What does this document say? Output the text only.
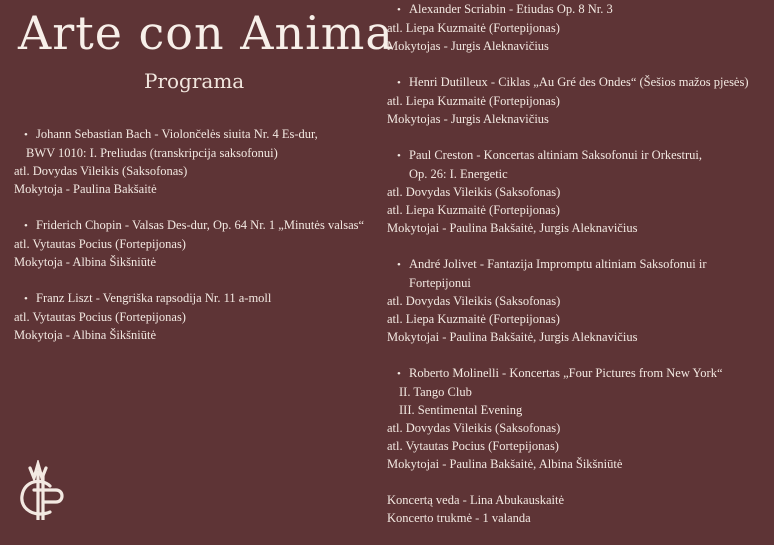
Arte con Anima
Programa
• Johann Sebastian Bach - Violončelės siuita Nr. 4 Es-dur,
BWV 1010: I. Preliudas (transkripcija saksofonui)
atl. Dovydas Vileikis (Saksofonas)
Mokytoja - Paulina Bakšaitė
• Friderich Chopin - Valsas Des-dur, Op. 64 Nr. 1 „Minutės valsas“
atl. Vytautas Pocius (Fortepijonas)
Mokytoja - Albina Šikšniūtė
• Franz Liszt - Vengriška rapsodija Nr. 11 a-moll
atl. Vytautas Pocius (Fortepijonas)
Mokytoja - Albina Šikšniūtė
• Alexander Scriabin - Etiudas Op. 8 Nr. 3
atl. Liepa Kuzmaitė (Fortepijonas)
Mokytojas - Jurgis Aleknavičius
• Henri Dutilleux - Ciklas „Au Gré des Ondes“ (Šešios mažos pjesės)
atl. Liepa Kuzmaitė (Fortepijonas)
Mokytojas - Jurgis Aleknavičius
• Paul Creston - Koncertas altiniam Saksofonui ir Orkestrui,
Op. 26: I. Energetic
atl. Dovydas Vileikis (Saksofonas)
atl. Liepa Kuzmaitė (Fortepijonas)
Mokytojai - Paulina Bakšaitė, Jurgis Aleknavičius
• André Jolivet - Fantazija Impromptu altiniam Saksofonui ir
Fortepijonui
atl. Dovydas Vileikis (Saksofonas)
atl. Liepa Kuzmaitė (Fortepijonas)
Mokytojai - Paulina Bakšaitė, Jurgis Aleknavičius
• Roberto Molinelli - Koncertas „Four Pictures from New York“
II. Tango Club
III. Sentimental Evening
atl. Dovydas Vileikis (Saksofonas)
atl. Vytautas Pocius (Fortepijonas)
Mokytojai - Paulina Bakšaitė, Albina Šikšniūtė
Koncertą veda - Lina Abukauskaitė
Koncerto trukmė - 1 valanda
